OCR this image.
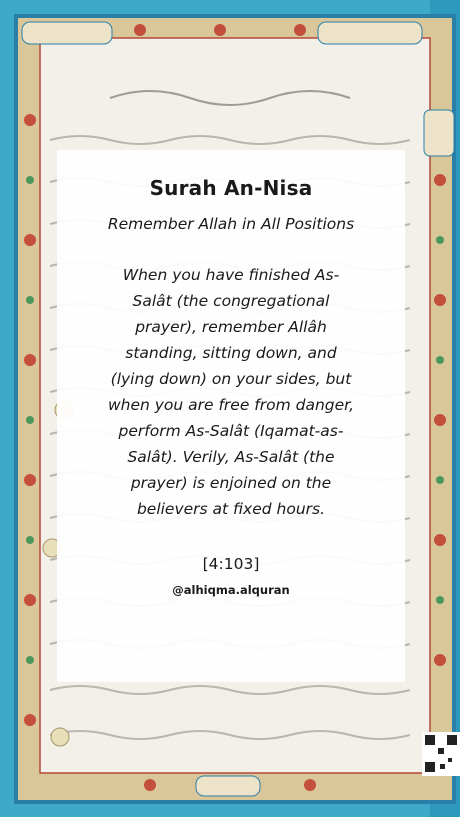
Surah An-Nisa
Remember Allah in All Positions
When you have finished As-Salât (the congregational prayer), remember Allâh standing, sitting down, and (lying down) on your sides, but when you are free from danger, perform As-Salât (Iqamat-as-Salât). Verily, As-Salât (the prayer) is enjoined on the believers at fixed hours.
[4:103]
@alhiqma.alquran
